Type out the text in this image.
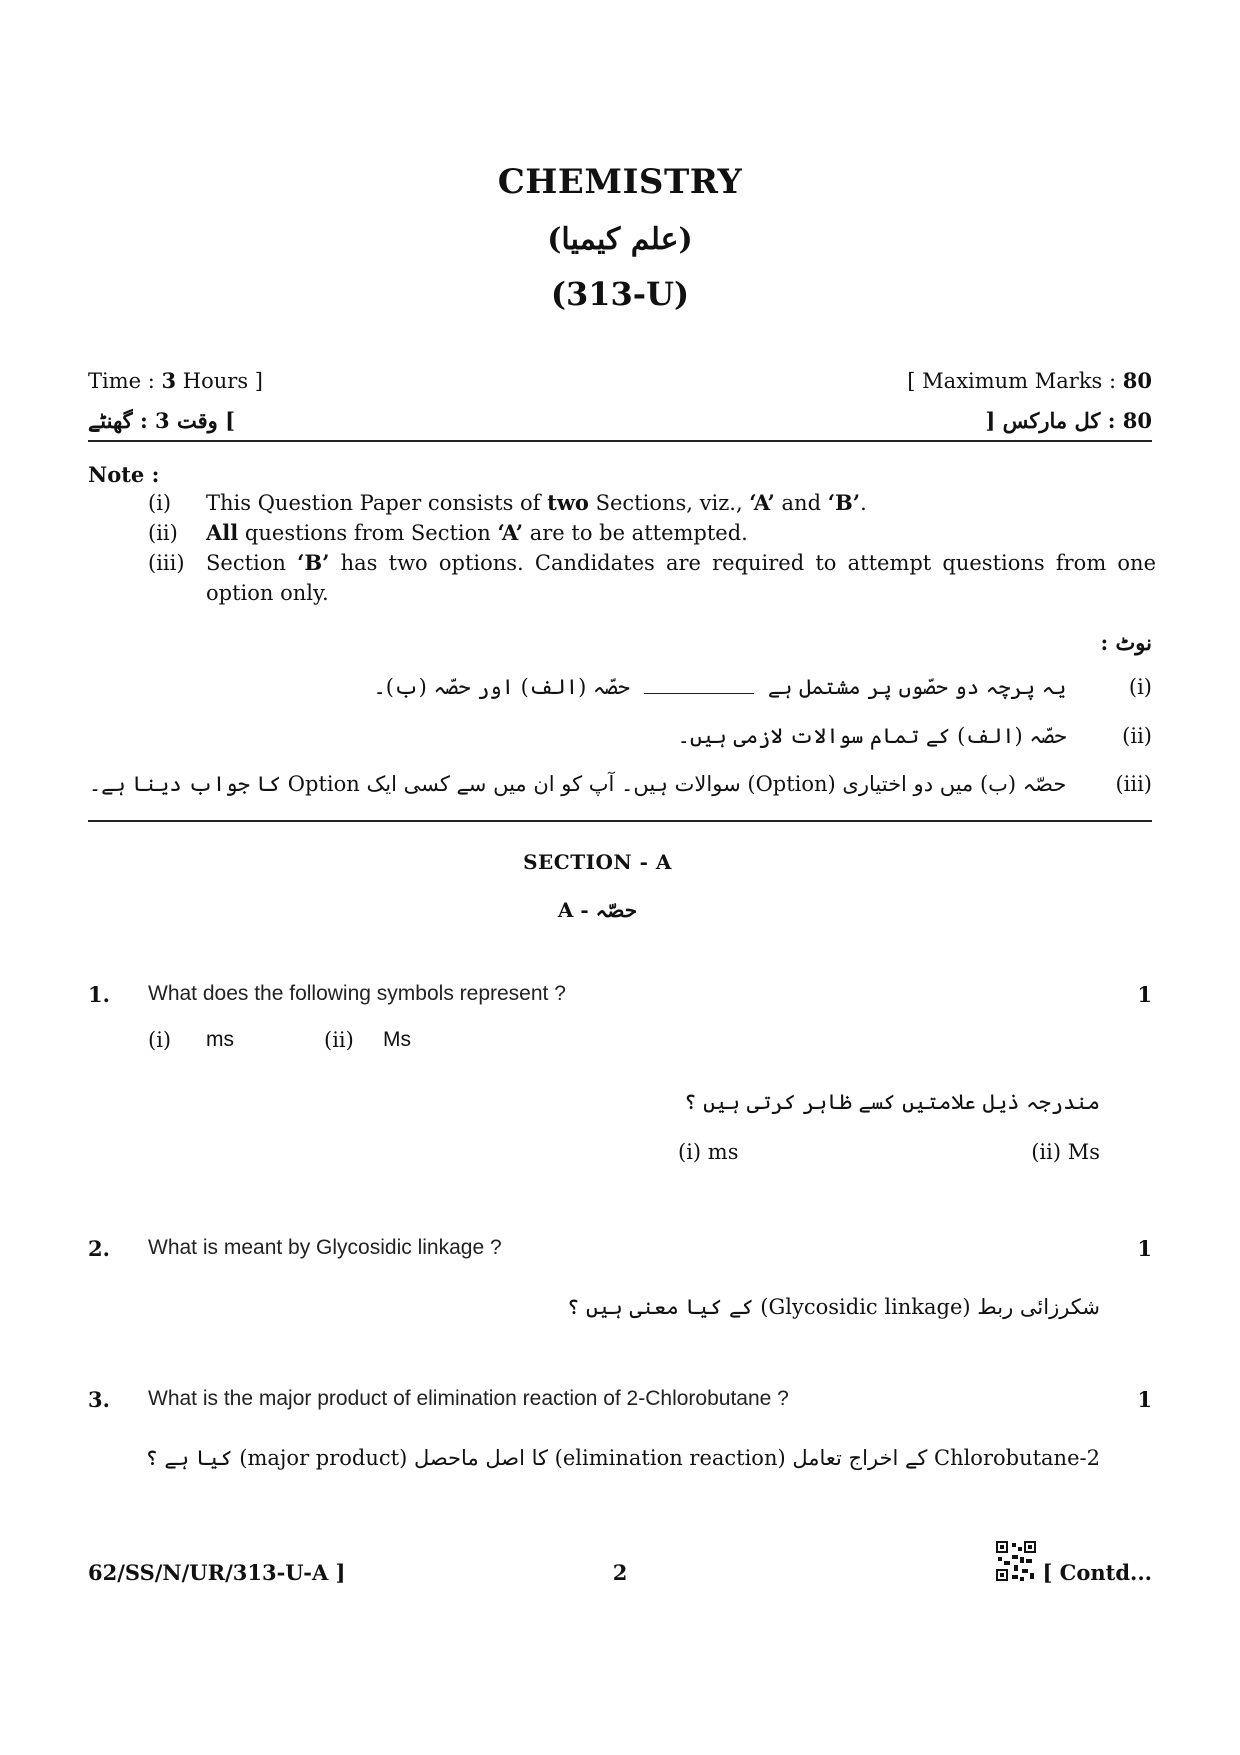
CHEMISTRY
(علم کیمیا)
(313-U)
Time : 3 Hours ]	[ Maximum Marks : 80
] وقت 3 : گھنٹے	80 : کل مارکس [
Note :
(i) This Question Paper consists of two Sections, viz., ‘A’ and ‘B’.
(ii) All questions from Section ‘A’ are to be attempted.
(iii) Section ‘B’ has two options. Candidates are required to attempt questions from one option only.
نوٹ :
(i) یہ پرچہ دو حصّوں پر مشتمل ہےحصّہ (الف) اور حصّہ (ب)۔
(ii) حصّہ (الف) کے تمام سوالات لازمی ہیں۔
(iii) حصّہ (ب) میں دو اختیاری (Option) سوالات ہیں۔ آپ کو ان میں سے کسی ایک Option کا جواب دینا ہے۔
SECTION - A
حصّہ - A
1. What does the following symbols represent ?	1
(i) ms	(ii) Ms
مندرجہ ذیل علامتیں کسے ظاہر کرتی ہیں ؟
(i) ms	(ii) Ms
2. What is meant by Glycosidic linkage ?	1
شکرزائی ربط (Glycosidic linkage) کے کیا معنی ہیں ؟
3. What is the major product of elimination reaction of 2-Chlorobutane ?	1
2-Chlorobutane کے اخراج تعامل (elimination reaction) کا اصل ماحصل (major product) کیا ہے ؟
62/SS/N/UR/313-U-A ]	2	[ Contd...
